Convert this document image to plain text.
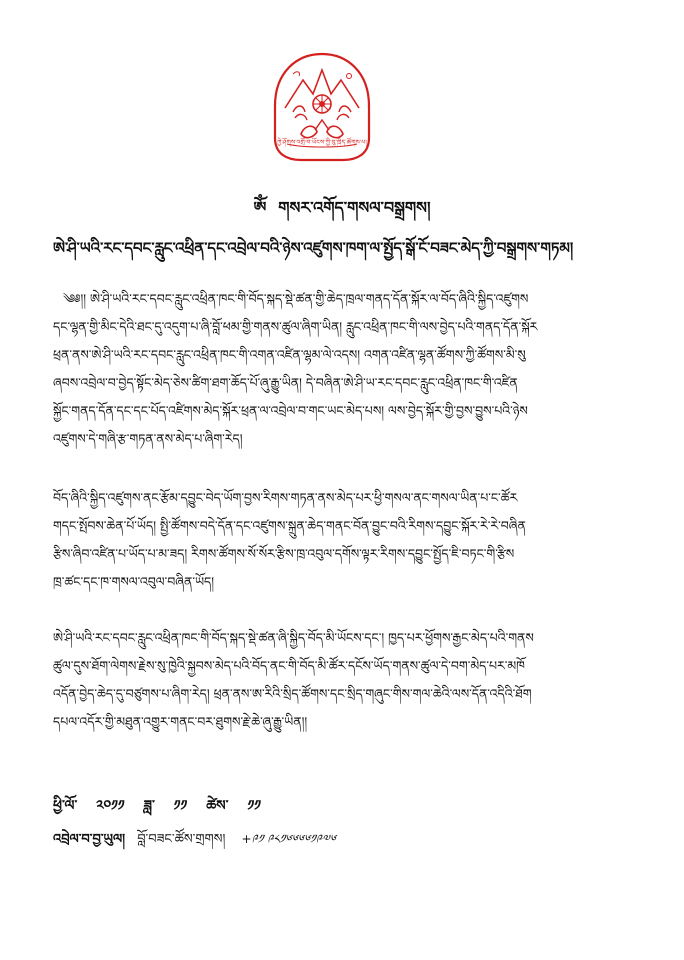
ཀྱེ་ཤོགས་འགྲོ་བ་ཡོངས་ཀྱི་བུ་ཁྲིད་ཚོགས་པ།
ༀ གསར་འགོད་གསལ་བསྒྲགས།
ཨེ་ཤི་ཡའི་རང་དབང་རླུང་འཕྲིན་དང་འབྲེལ་བའི་ཉེས་འཛུགས་ཁག་ལ་སྤྱོད་སྒོ་ངོ་བཟང་མེད་ཀྱི་བསྒྲགས་གཏམ།
༄༅།། ཨེ་ཤི་ཡའི་རང་དབང་རླུང་འཕྲིན་ཁང་གི་བོད་སྐད་སྡེ་ཚན་གྱི་ཆེད་ཁྲལ་གནད་དོན་སྐོར་ལ་བོད་ཞིའི་སྐྱིད་འཛུགས
དང་ལྷན་གྱི་མིང་དེའི་ཐང་དུ་འདུག་པ་ཞི་བློ་ཕམ་གྱི་གནས་ཚུལ་ཞིག་ཡིན། རླུང་འཕྲིན་ཁང་གི་ལས་བྱེད་པའི་གནད་དོན་སྐོར
ཕྲན་ནས་ཨེ་ཤི་ཡའི་རང་དབང་རླུང་འཕྲིན་ཁང་གི་འགན་འཛིན་ལྷམ་ལེ་འདས། འགན་འཛིན་ལྷན་ཚོགས་ཀྱི་ཚོགས་མི་སུ
ཞབས་འབྲེལ་བ་བྱེད་སྟོང་མེད་ཅེས་ཚིག་ཐག་ཆོད་པོ་ཞུ་རྒྱུ་ཡིན། དེ་བཞིན་ཨེ་ཤི་ཡ་རང་དབང་རླུང་འཕྲིན་ཁང་གི་འཛིན
སྐྱོང་གནད་དོན་དང་དང་པོད་འཛིགས་མེད་སྐོར་ཕྲན་ལ་འབྲེལ་བ་གང་ཡང་མེད་པས། ལས་བྱེད་སྐོར་གྱི་བྱས་བྱུས་པའི་ཉེས
འཛུགས་དེ་གཞི་རྩ་གཏན་ནས་མེད་པ་ཞིག་རེད།
བོད་ཞིའི་སྐྱིད་འཛུགས་ནང་རྩོམ་དབྱུང་བེད་ཡོག་བྱས་རིགས་གཏན་ནས་མེད་པར་ཕྱི་གསལ་ནང་གསལ་ཡིན་པ་ང་ཚོར
གདང་སྤོབས་ཆེན་པོ་ཡོད། སྤྱི་ཚོགས་བདེ་དོན་དང་འཛུགས་སྐྲུན་ཆེད་གནང་བོན་བྱུང་བའི་རིགས་དབྱུང་སྐོར་རེ་རེ་བཞིན
རྩིས་ཞིབ་འཛིན་པ་ཡོད་པ་མ་ཟད། རིགས་ཚོགས་སོ་སོར་རྩིས་ཁྲ་འབུལ་དགོས་ལྟར་རིགས་དབྱུང་སྤྱོད་ཇི་བཏང་གི་རྩིས
ཁྲ་ཚང་དང་ཁ་གསལ་འབུལ་བཞིན་ཡོད།
ཨེ་ཤི་ཡའི་རང་དབང་རླུང་འཕྲིན་ཁང་གི་བོད་སྐད་སྡེ་ཚན་ཞི་སྐྱིད་བོད་མི་ཡོངས་དང་། ཁྱད་པར་ཕྱོགས་རྒྱང་མེད་པའི་གནས
ཚུལ་དུས་ཐོག་ལེགས་རྗེས་སུ་ཁྱེའི་སྐྱབས་མེད་པའི་བོད་ནང་གི་བོད་མི་ཚོར་དངོས་ཡོད་གནས་ཚུལ་དེ་བག་མེད་པར་མཁོ
འདོན་བྱེད་ཆེད་དུ་བཙུགས་པ་ཞིག་རེད། ཕྲན་ནས་ཨ་རིའི་སྲིད་ཚོགས་དང་སྲིད་གཞུང་གིས་གལ་ཆེའི་ལས་དོན་འདིའི་ཐོག
དཔལ་འདོར་གྱི་མཐུན་འགྱུར་གནང་བར་ཐུགས་རྗེ་ཆེ་ཞུ་རྒྱུ་ཡིན།།
ཕྱི་ལོ་ ༢༠༡༡ ཟླ་ ༡༡ ཚེས་ ༡༡
འབྲེལ་བ་བྱ་ཡུལ། བློ་བཟང་ཚོས་གྲགས། +༩༡ ༩༨༡༦༦༦༦༡༩༧༦
